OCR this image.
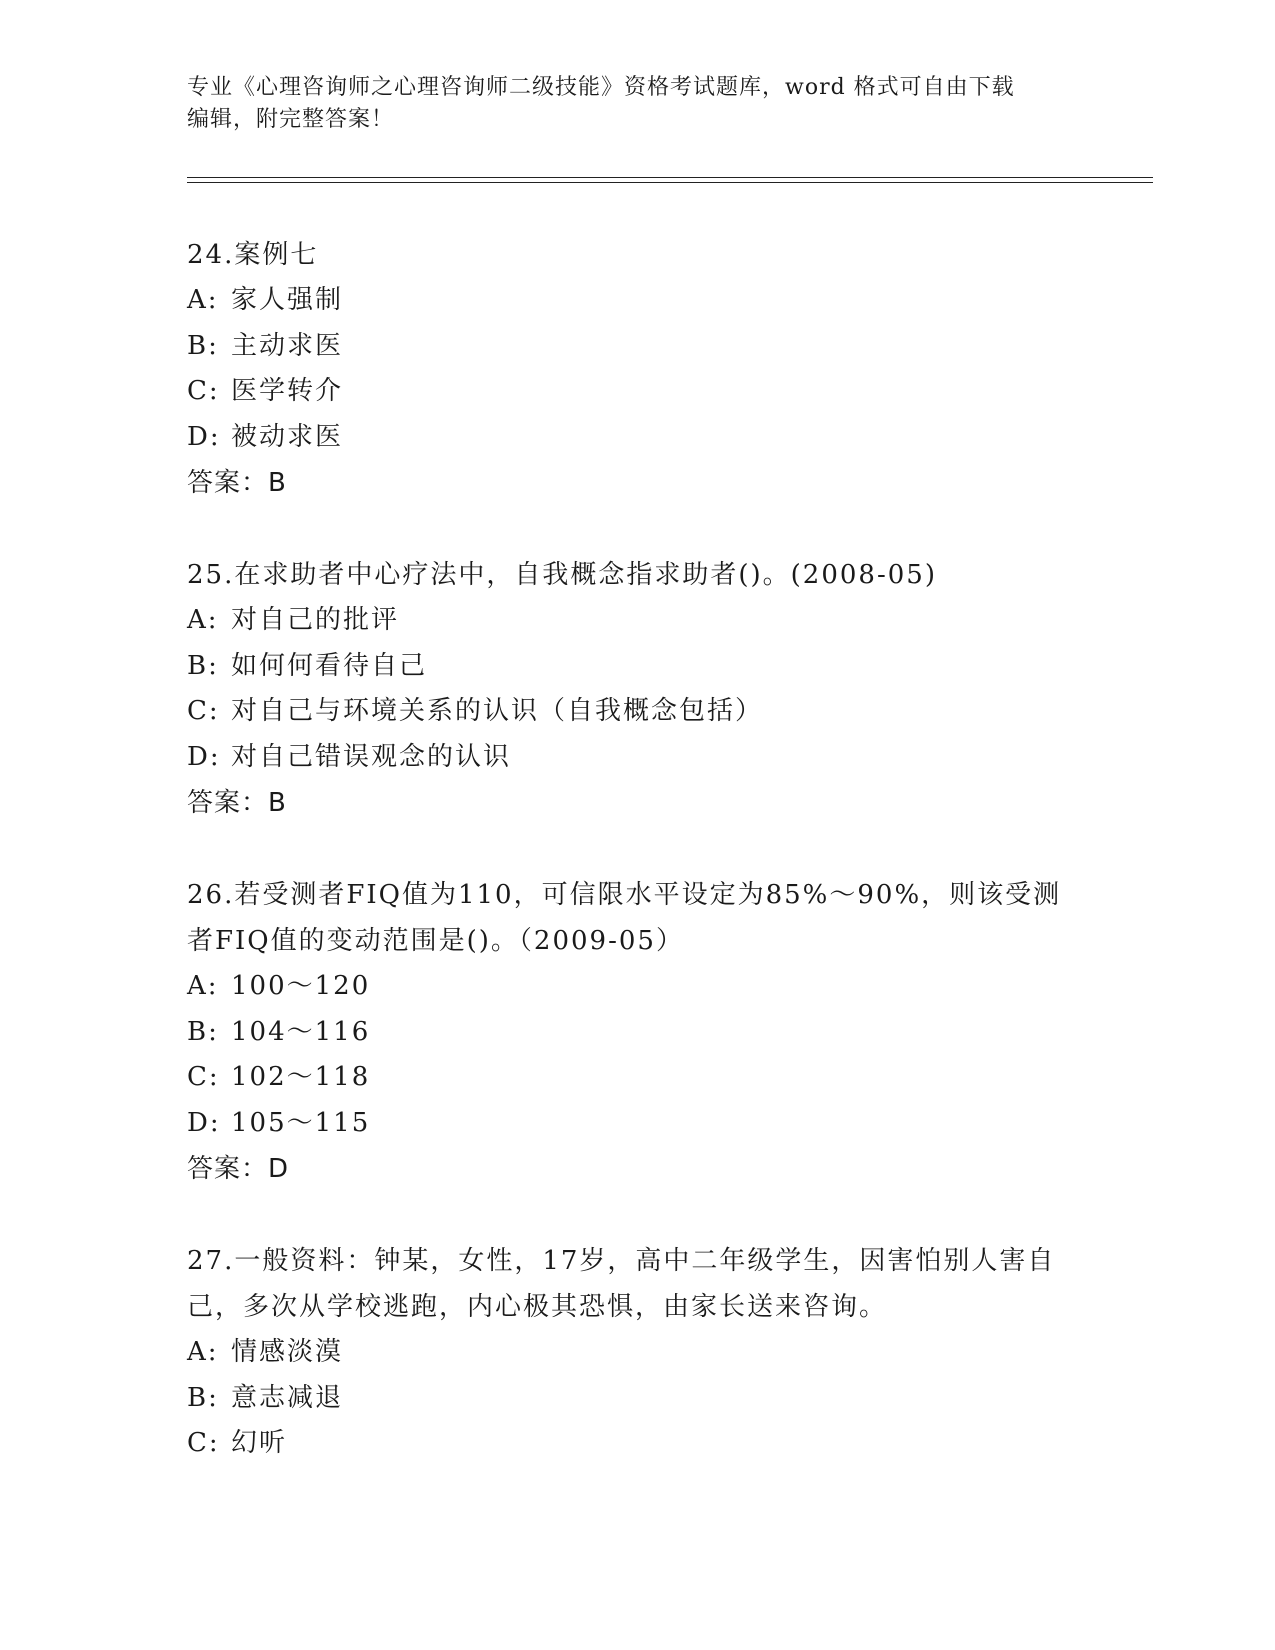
专业《心理咨询师之心理咨询师二级技能》资格考试题库，word 格式可自由下载
编辑，附完整答案！
24.案例七
A: 家人强制
B: 主动求医
C: 医学转介
D: 被动求医
答案：B
25.在求助者中心疗法中，自我概念指求助者()。(2008-05)
A: 对自己的批评
B: 如何何看待自己
C: 对自己与环境关系的认识（自我概念包括）
D: 对自己错误观念的认识
答案：B
26.若受测者FIQ值为110，可信限水平设定为85%～90%，则该受测者FIQ值的变动范围是()。（2009-05）
A: 100～120
B: 104～116
C: 102～118
D: 105～115
答案：D
27.一般资料：钟某，女性，17岁，高中二年级学生，因害怕别人害自己，多次从学校逃跑，内心极其恐惧，由家长送来咨询。
A: 情感淡漠
B: 意志减退
C: 幻听
